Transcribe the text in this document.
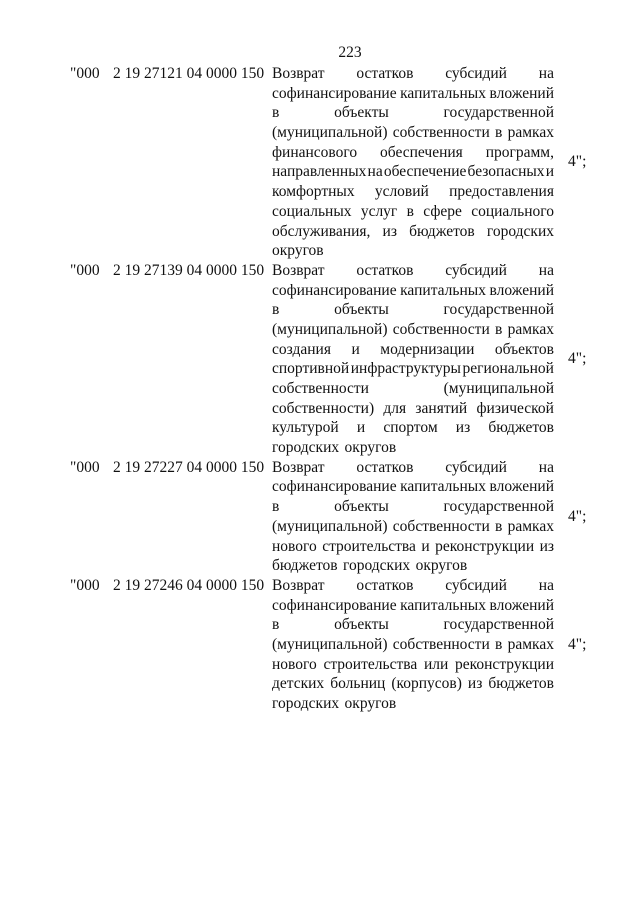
223
"000 2 19 27121 04 0000 150 Возврат остатков субсидий на
софинансирование капитальных вложений
в	объекты	государственной
(муниципальной) собственности в рамках
финансового обеспечения программ,
направленных на обеспечение безопасных и
комфортных условий предоставления
социальных услуг в сфере социального
обслуживания, из бюджетов городских
округов
4";
"000 2 19 27139 04 0000 150 Возврат остатков субсидий на
софинансирование капитальных вложений
в	объекты	государственной
(муниципальной) собственности в рамках
создания и модернизации объектов
спортивной инфраструктуры региональной
собственности	(муниципальной
собственности) для занятий физической
культурой и спортом из бюджетов
городских округов
4";
"000 2 19 27227 04 0000 150 Возврат остатков субсидий на
софинансирование капитальных вложений
в	объекты	государственной
(муниципальной) собственности в рамках
нового строительства и реконструкции из
бюджетов городских округов
4";
"000 2 19 27246 04 0000 150 Возврат остатков субсидий на
софинансирование капитальных вложений
в	объекты	государственной
(муниципальной) собственности в рамках
нового строительства или реконструкции
детских больниц (корпусов) из бюджетов
городских округов
4";
